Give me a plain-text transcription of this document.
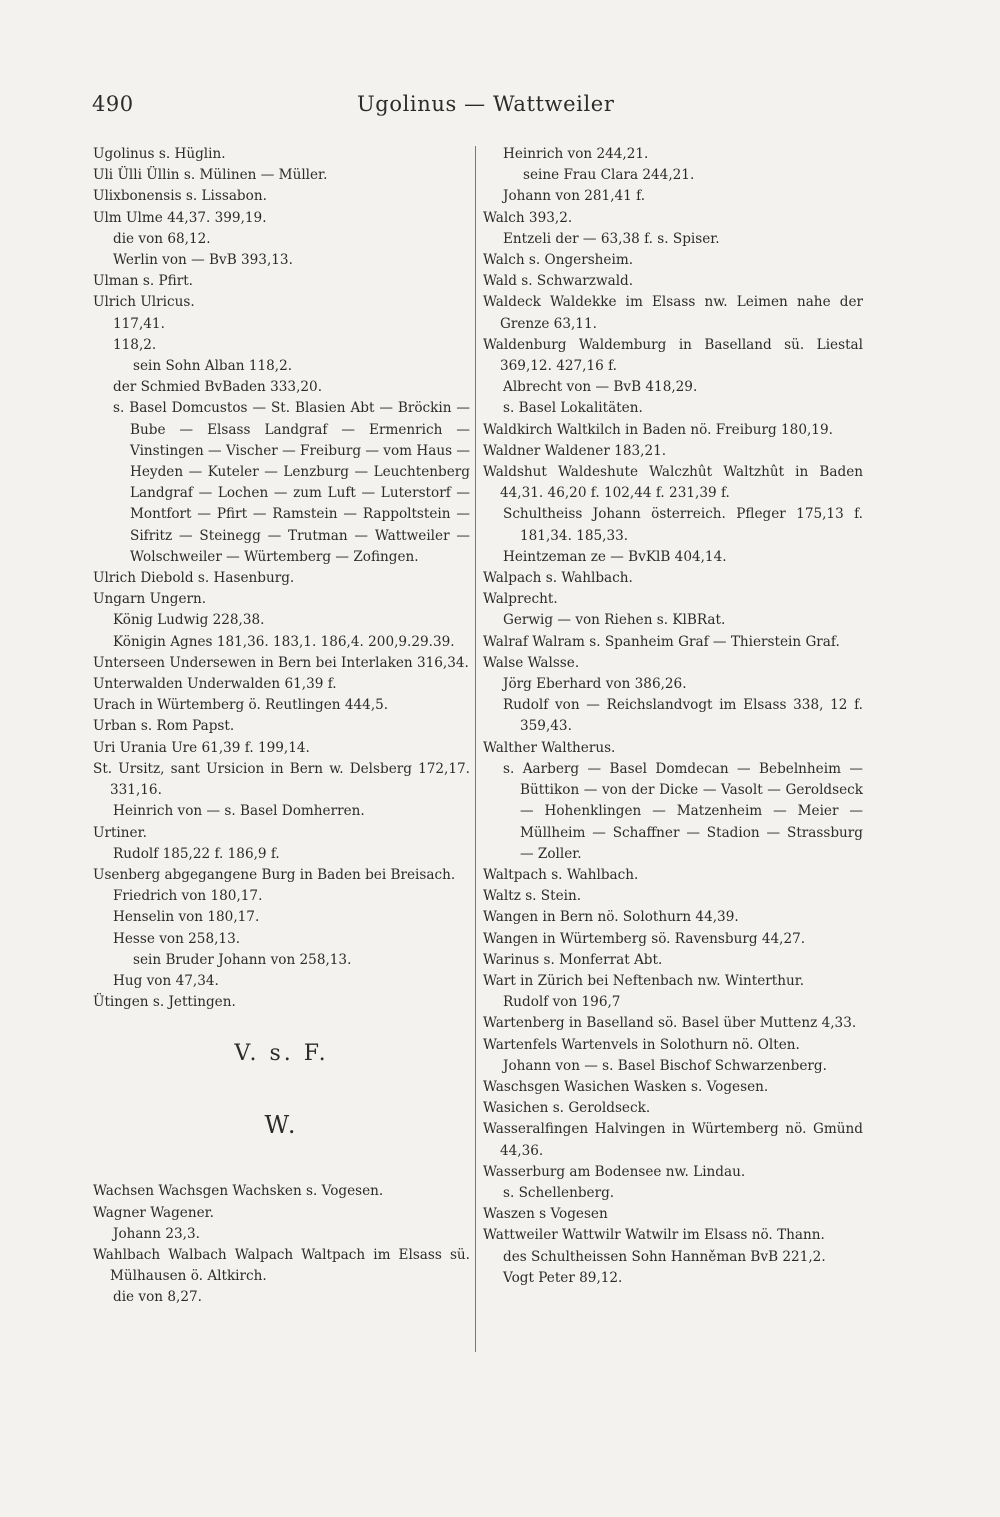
490	Ugolinus — Wattweiler

Ugolinus s. Hüglin.

Uli Ülli Üllin s. Mülinen — Müller.

Ulixbonensis s. Lissabon.

Ulm Ulme 44,37. 399,19.

die von 68,12.

Werlin von — BvB 393,13.

Ulman s. Pfirt.

Ulrich Ulricus.

117,41.

118,2.

sein Sohn Alban 118,2.

der Schmied BvBaden 333,20.

s. Basel Domcustos — St. Blasien Abt — Bröckin — Bube — Elsass Landgraf — Ermenrich — Vinstingen — Vischer — Freiburg — vom Haus — Heyden — Kuteler — Lenzburg — Leuchtenberg Landgraf — Lochen — zum Luft — Luterstorf — Montfort — Pfirt — Ramstein — Rappoltstein — Sifritz — Steinegg — Trutman — Wattweiler — Wolschweiler — Würtemberg — Zofingen.

Ulrich Diebold s. Hasenburg.

Ungarn Ungern.

König Ludwig 228,38.

Königin Agnes 181,36. 183,1. 186,4. 200,9.29.39.

Unterseen Undersewen in Bern bei Interlaken 316,34.

Unterwalden Underwalden 61,39 f.

Urach in Würtemberg ö. Reutlingen 444,5.

Urban s. Rom Papst.

Uri Urania Ure 61,39 f. 199,14.

St. Ursitz, sant Ursicion in Bern w. Delsberg 172,17. 331,16.

Heinrich von — s. Basel Domherren.

Urtiner.

Rudolf 185,22 f. 186,9 f.

Usenberg abgegangene Burg in Baden bei Breisach.

Friedrich von 180,17.

Henselin von 180,17.

Hesse von 258,13.

sein Bruder Johann von 258,13.

Hug von 47,34.

Ütingen s. Jettingen.

V. s. F.

W.

Wachsen Wachsgen Wachsken s. Vogesen.

Wagner Wagener.

Johann 23,3.

Wahlbach Walbach Walpach Waltpach im Elsass sü. Mülhausen ö. Altkirch.

die von 8,27.

Heinrich von 244,21.

seine Frau Clara 244,21.

Johann von 281,41 f.

Walch 393,2.

Entzeli der — 63,38 f. s. Spiser.

Walch s. Ongersheim.

Wald s. Schwarzwald.

Waldeck Waldekke im Elsass nw. Leimen nahe der Grenze 63,11.

Waldenburg Waldemburg in Baselland sü. Liestal 369,12. 427,16 f.

Albrecht von — BvB 418,29.

s. Basel Lokalitäten.

Waldkirch Waltkilch in Baden nö. Freiburg 180,19.

Waldner Waldener 183,21.

Waldshut Waldeshute Walczhût Waltzhût in Baden 44,31. 46,20 f. 102,44 f. 231,39 f.

Schultheiss Johann österreich. Pfleger 175,13 f. 181,34. 185,33.

Heintzeman ze — BvKlB 404,14.

Walpach s. Wahlbach.

Walprecht.

Gerwig — von Riehen s. KlBRat.

Walraf Walram s. Spanheim Graf — Thierstein Graf.

Walse Walsse.

Jörg Eberhard von 386,26.

Rudolf von — Reichslandvogt im Elsass 338, 12 f. 359,43.

Walther Waltherus.

s. Aarberg — Basel Domdecan — Bebelnheim — Büttikon — von der Dicke — Vasolt — Geroldseck — Hohenklingen — Matzenheim — Meier — Müllheim — Schaffner — Stadion — Strassburg — Zoller.

Waltpach s. Wahlbach.

Waltz s. Stein.

Wangen in Bern nö. Solothurn 44,39.

Wangen in Würtemberg sö. Ravensburg 44,27.

Warinus s. Monferrat Abt.

Wart in Zürich bei Neftenbach nw. Winterthur.

Rudolf von 196,7

Wartenberg in Baselland sö. Basel über Muttenz 4,33.

Wartenfels Wartenvels in Solothurn nö. Olten.

Johann von — s. Basel Bischof Schwarzenberg.

Waschsgen Wasichen Wasken s. Vogesen.

Wasichen s. Geroldseck.

Wasseralfingen Halvingen in Würtemberg nö. Gmünd 44,36.

Wasserburg am Bodensee nw. Lindau.

s. Schellenberg.

Waszen s Vogesen

Wattweiler Wattwilr Watwilr im Elsass nö. Thann.

des Schultheissen Sohn Hanněman BvB 221,2.

Vogt Peter 89,12.
